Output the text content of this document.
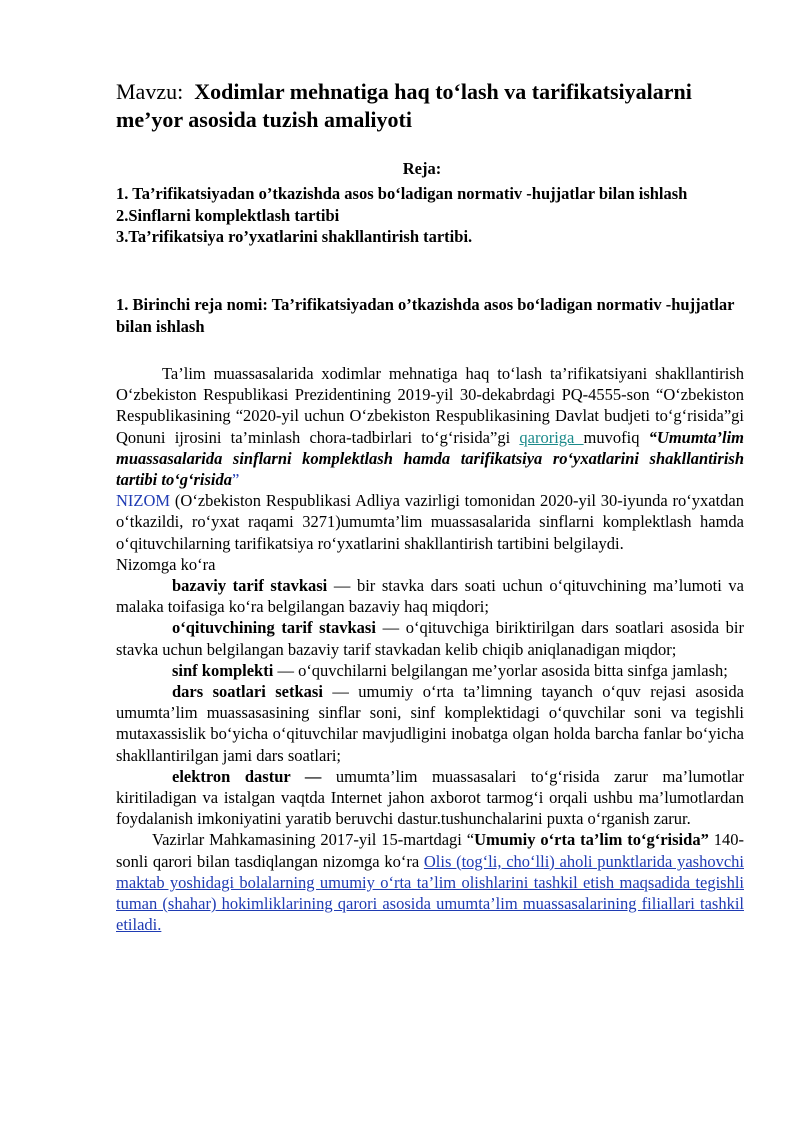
Mavzu: Xodimlar mehnatiga haq to‘lash va tarifikatsiyalarni me’yor asosida tuzish amaliyoti
Reja:
1. Ta’rifikatsiyadan o’tkazishda asos bo‘ladigan normativ -hujjatlar bilan ishlash
2.Sinflarni komplektlash tartibi
3.Ta’rifikatsiya ro’yxatlarini shakllantirish tartibi.
1. Birinchi reja nomi: Ta’rifikatsiyadan o’tkazishda asos bo‘ladigan normativ -hujjatlar bilan ishlash

Ta’lim muassasalarida xodimlar mehnatiga haq to‘lash ta’rifikatsiyani shakllantirish O‘zbekiston Respublikasi Prezidentining 2019-yil 30-dekabrdagi PQ-4555-son “O‘zbekiston Respublikasining “2020-yil uchun O‘zbekiston Respublikasining Davlat budjeti to‘g‘risida”gi Qonuni ijrosini ta’minlash chora-tadbirlari to‘g‘risida”gi qaroriga muvofiq “Umumta’lim muassasalarida sinflarni komplektlash hamda tarifikatsiya ro‘yxatlarini shakllantirish tartibi to‘g‘risida”
NIZOM (O‘zbekiston Respublikasi Adliya vazirligi tomonidan 2020-yil 30-iyunda ro‘yxatdan o‘tkazildi, ro‘yxat raqami 3271)umumta’lim muassasalarida sinflarni komplektlash hamda o‘qituvchilarning tarifikatsiya ro‘yxatlarini shakllantirish tartibini belgilaydi.

Nizomga ko‘ra

bazaviy tarif stavkasi — bir stavka dars soati uchun o‘qituvchining ma’lumoti va malaka toifasiga ko‘ra belgilangan bazaviy haq miqdori;

o‘qituvchining tarif stavkasi — o‘qituvchiga biriktirilgan dars soatlari asosida bir stavka uchun belgilangan bazaviy tarif stavkadan kelib chiqib aniqlanadigan miqdor;

sinf komplekti — o‘quvchilarni belgilangan me’yorlar asosida bitta sinfga jamlash;

dars soatlari setkasi — umumiy o‘rta ta’limning tayanch o‘quv rejasi asosida umumta’lim muassasasining sinflar soni, sinf komplektidagi o‘quvchilar soni va tegishli mutaxassislik bo‘yicha o‘qituvchilar mavjudligini inobatga olgan holda barcha fanlar bo‘yicha shakllantirilgan jami dars soatlari;

elektron dastur — umumta’lim muassasalari to‘g‘risida zarur ma’lumotlar kiritiladigan va istalgan vaqtda Internet jahon axborot tarmog‘i orqali ushbu ma’lumotlardan foydalanish imkoniyatini yaratib beruvchi dastur.tushunchalarini puxta o‘rganish zarur.

Vazirlar Mahkamasining 2017-yil 15-martdagi “Umumiy o‘rta ta’lim to‘g‘risida” 140- sonli qarori bilan tasdiqlangan nizomga ko‘ra Olis (tog‘li, cho‘lli) aholi punktlarida yashovchi maktab yoshidagi bolalarning umumiy o‘rta ta’lim olishlarini tashkil etish maqsadida tegishli tuman (shahar) hokimliklarining qarori asosida umumta’lim muassasalarining filiallari tashkil etiladi.
